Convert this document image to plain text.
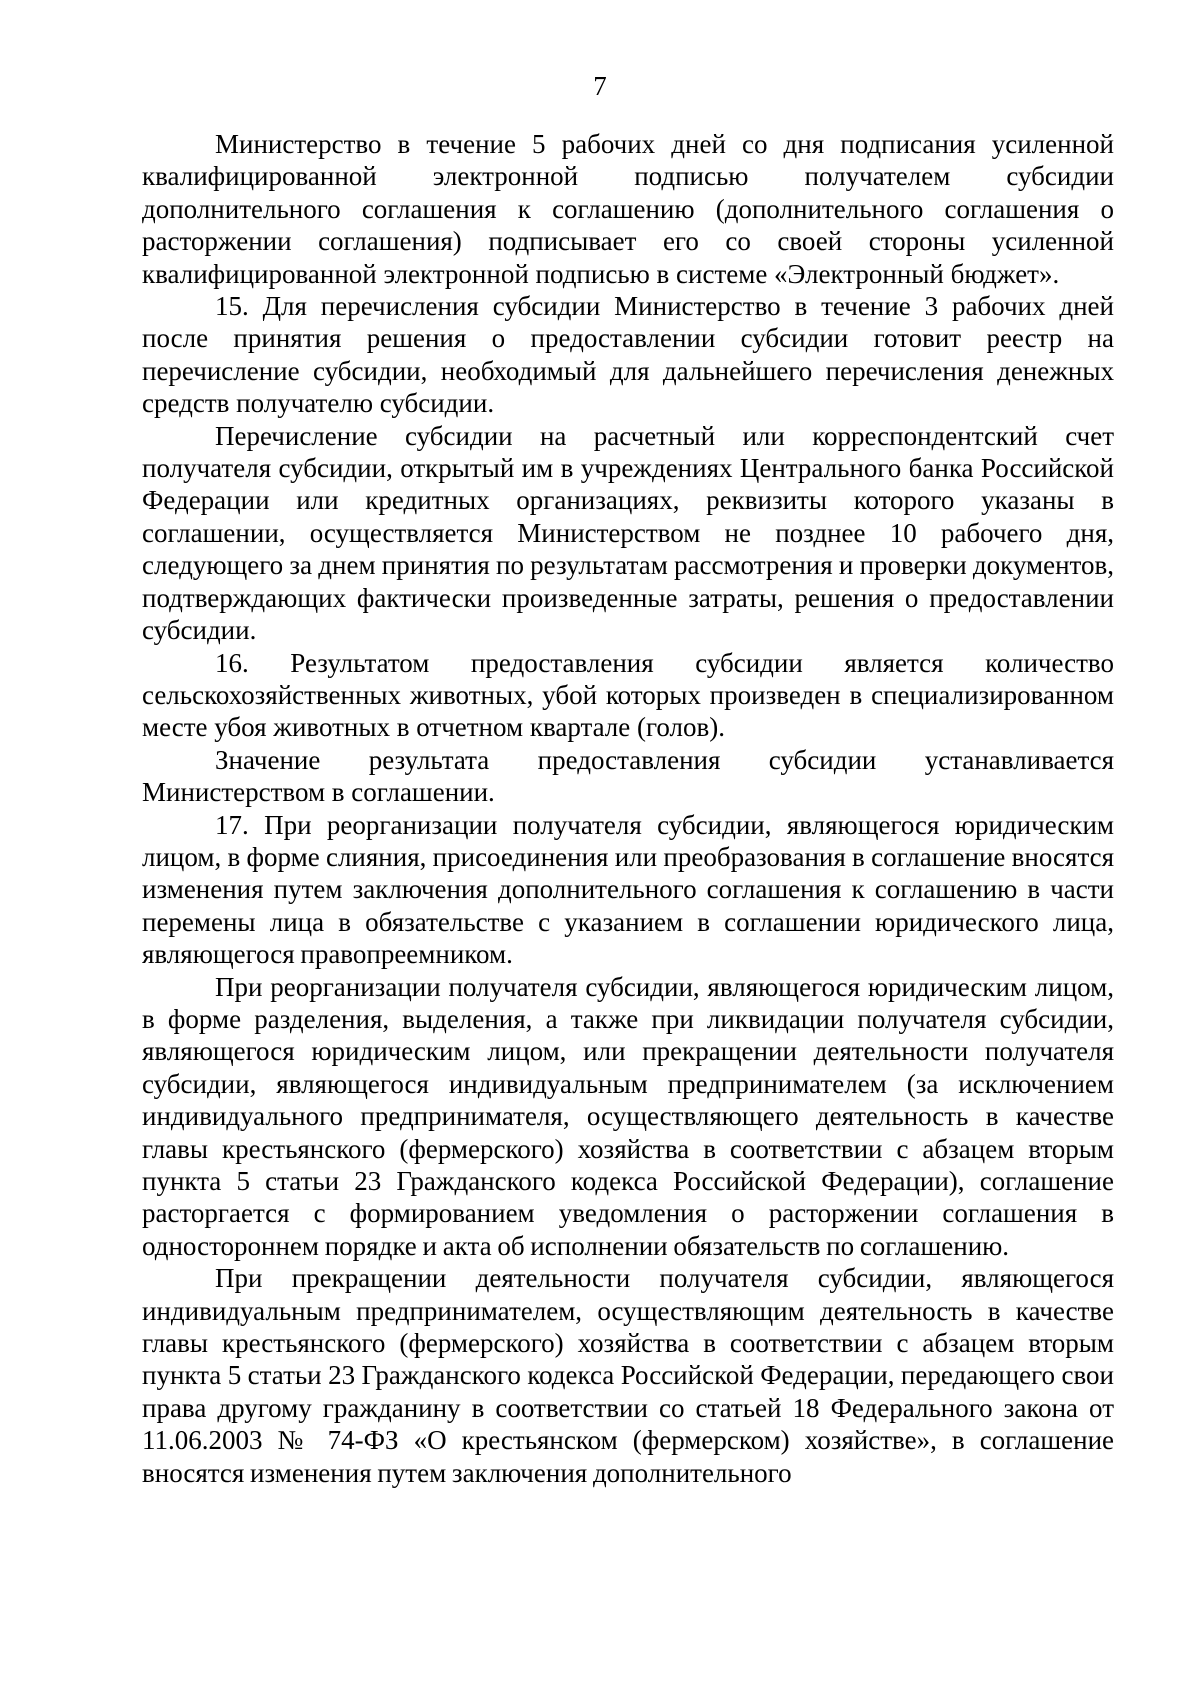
7

Министерство в течение 5 рабочих дней со дня подписания усиленной квалифицированной электронной подписью получателем субсидии дополнительного соглашения к соглашению (дополнительного соглашения о расторжении соглашения) подписывает его со своей стороны усиленной квалифицированной электронной подписью в системе «Электронный бюджет».

15. Для перечисления субсидии Министерство в течение 3 рабочих дней после принятия решения о предоставлении субсидии готовит реестр на перечисление субсидии, необходимый для дальнейшего перечисления денежных средств получателю субсидии.

Перечисление субсидии на расчетный или корреспондентский счет получателя субсидии, открытый им в учреждениях Центрального банка Российской Федерации или кредитных организациях, реквизиты которого указаны в соглашении, осуществляется Министерством не позднее 10 рабочего дня, следующего за днем принятия по результатам рассмотрения и проверки документов, подтверждающих фактически произведенные затраты, решения о предоставлении субсидии.

16. Результатом предоставления субсидии является количество сельскохозяйственных животных, убой которых произведен в специализированном месте убоя животных в отчетном квартале (голов).

Значение результата предоставления субсидии устанавливается Министерством в соглашении.

17. При реорганизации получателя субсидии, являющегося юридическим лицом, в форме слияния, присоединения или преобразования в соглашение вносятся изменения путем заключения дополнительного соглашения к соглашению в части перемены лица в обязательстве с указанием в соглашении юридического лица, являющегося правопреемником.

При реорганизации получателя субсидии, являющегося юридическим лицом, в форме разделения, выделения, а также при ликвидации получателя субсидии, являющегося юридическим лицом, или прекращении деятельности получателя субсидии, являющегося индивидуальным предпринимателем (за исключением индивидуального предпринимателя, осуществляющего деятельность в качестве главы крестьянского (фермерского) хозяйства в соответствии с абзацем вторым пункта 5 статьи 23 Гражданского кодекса Российской Федерации), соглашение расторгается с формированием уведомления о расторжении соглашения в одностороннем порядке и акта об исполнении обязательств по соглашению.

При прекращении деятельности получателя субсидии, являющегося индивидуальным предпринимателем, осуществляющим деятельность в качестве главы крестьянского (фермерского) хозяйства в соответствии с абзацем вторым пункта 5 статьи 23 Гражданского кодекса Российской Федерации, передающего свои права другому гражданину в соответствии со статьей 18 Федерального закона от 11.06.2003 № 74-ФЗ «О крестьянском (фермерском) хозяйстве», в соглашение вносятся изменения путем заключения дополнительного
